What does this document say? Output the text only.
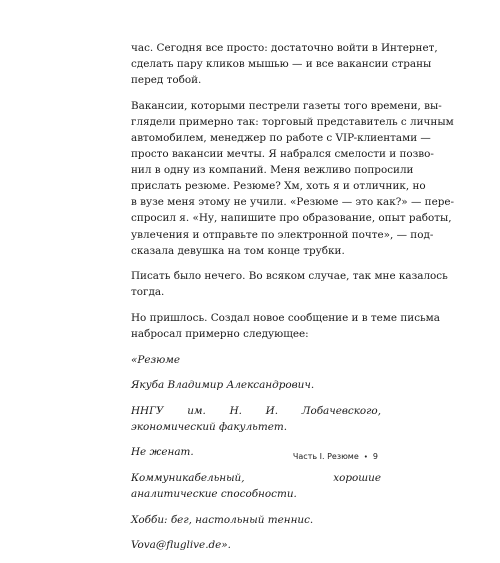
час. Сегодня все просто: достаточно войти в Интернет,
сделать пару кликов мышью — и все вакансии страны
перед тобой.

Вакансии, которыми пестрели газеты того времени, вы-
глядели примерно так: торговый представитель с личным
автомобилем, менеджер по работе с VIP-клиентами —
просто вакансии мечты. Я набрался смелости и позво-
нил в одну из компаний. Меня вежливо попросили
прислать резюме. Резюме? Хм, хоть я и отличник, но
в вузе меня этому не учили. «Резюме — это как?» — пере-
спросил я. «Ну, напишите про образование, опыт работы,
увлечения и отправьте по электронной почте», — под-
сказала девушка на том конце трубки.

Писать было нечего. Во всяком случае, так мне казалось
тогда.

Но пришлось. Создал новое сообщение и в теме письма
набросал примерно следующее:

«Резюме

Якуба Владимир Александрович.

ННГУ им. Н. И. Лобачевского, экономический факультет.

Не женат.

Коммуникабельный, хорошие аналитические способности.

Хобби: бег, настольный теннис.

Vova@fluglive.de».

Часть I. Резюме • 9
